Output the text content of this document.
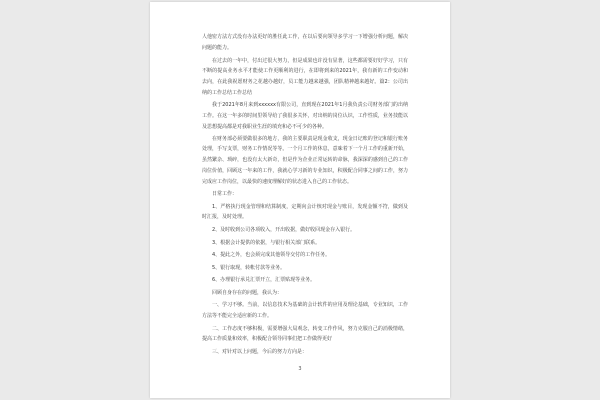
人他密方法方式没有办法更好的胜任此工作，在以后要向领导多学习一下增强分析问题，解决问题的能力。

在过去的一年中，付出过很大努力，但是成果也许没有显著，这些都需要好好学习，只有不断的提高业务水平才能使工作更顺利的进行，在即将到来的2021年，我有新的工作变动和去向，在此我祝愿财务之花越办越好，员工能力越来越强，团队精神越来越好。篇2：公司出纳的工作总结工作总结

我于2021年8月来到xxxxxx有限公司，直到现在2021年1月我负责公司财务部门的出纳工作。在这一年多的时间里领导给了我很多关怀，对出纳的岗位认识，工作性质，业务技能以及思想提高都是对我职业生涯的填充和必不可少的各种。

在财务部必须要做很多的地方，我的主要职责是现金收支，现金日记账的登记和银行账务处理，手写支票，财务工作情况等等。一个月工作的休息，意味着下一个月工作的重新开始，虽然繁杂、琐碎，也没有太大新奇，但是作为企业正常运转的命脉，我深深的感到自己的工作岗位价值，回顾这一年来的工作，我就心学习新的专业知识，积极配合同事之间的工作，努力完成应工作岗位，以最快的速度理解好的状态进入自己的工作状态。

日常工作：

1、严格执行现金管理和结算制度，定期向会计核对现金与账目，发现金额不符，做到及时汇报，及时处理。

2、及时收到公司各项收入，开出收据，做好收回现金存入银行。

3、根据会计提供的依据，与银行相关部门联系。

4、提此之外，也会须完成其他领导交付的工作任务。

5、银行取现，转帐付款等业务。

6、办理银行承兑汇票开立，汇票贴现等业务。

回顾自身存在的问题，我认为：

一、学习不够。当前，以信息技术为基础的会计软件的应用及理论基础，专业知识，工作方法等不能完全适应新的工作。

二、工作态度不够积极，需要增强大局观念，转变工作作风，努力克服自己的消极情绪，提高工作质量和效率，积极配合领导同事们把工作做得更好

三、对针对以上问题，今后的努力方向是：

3
